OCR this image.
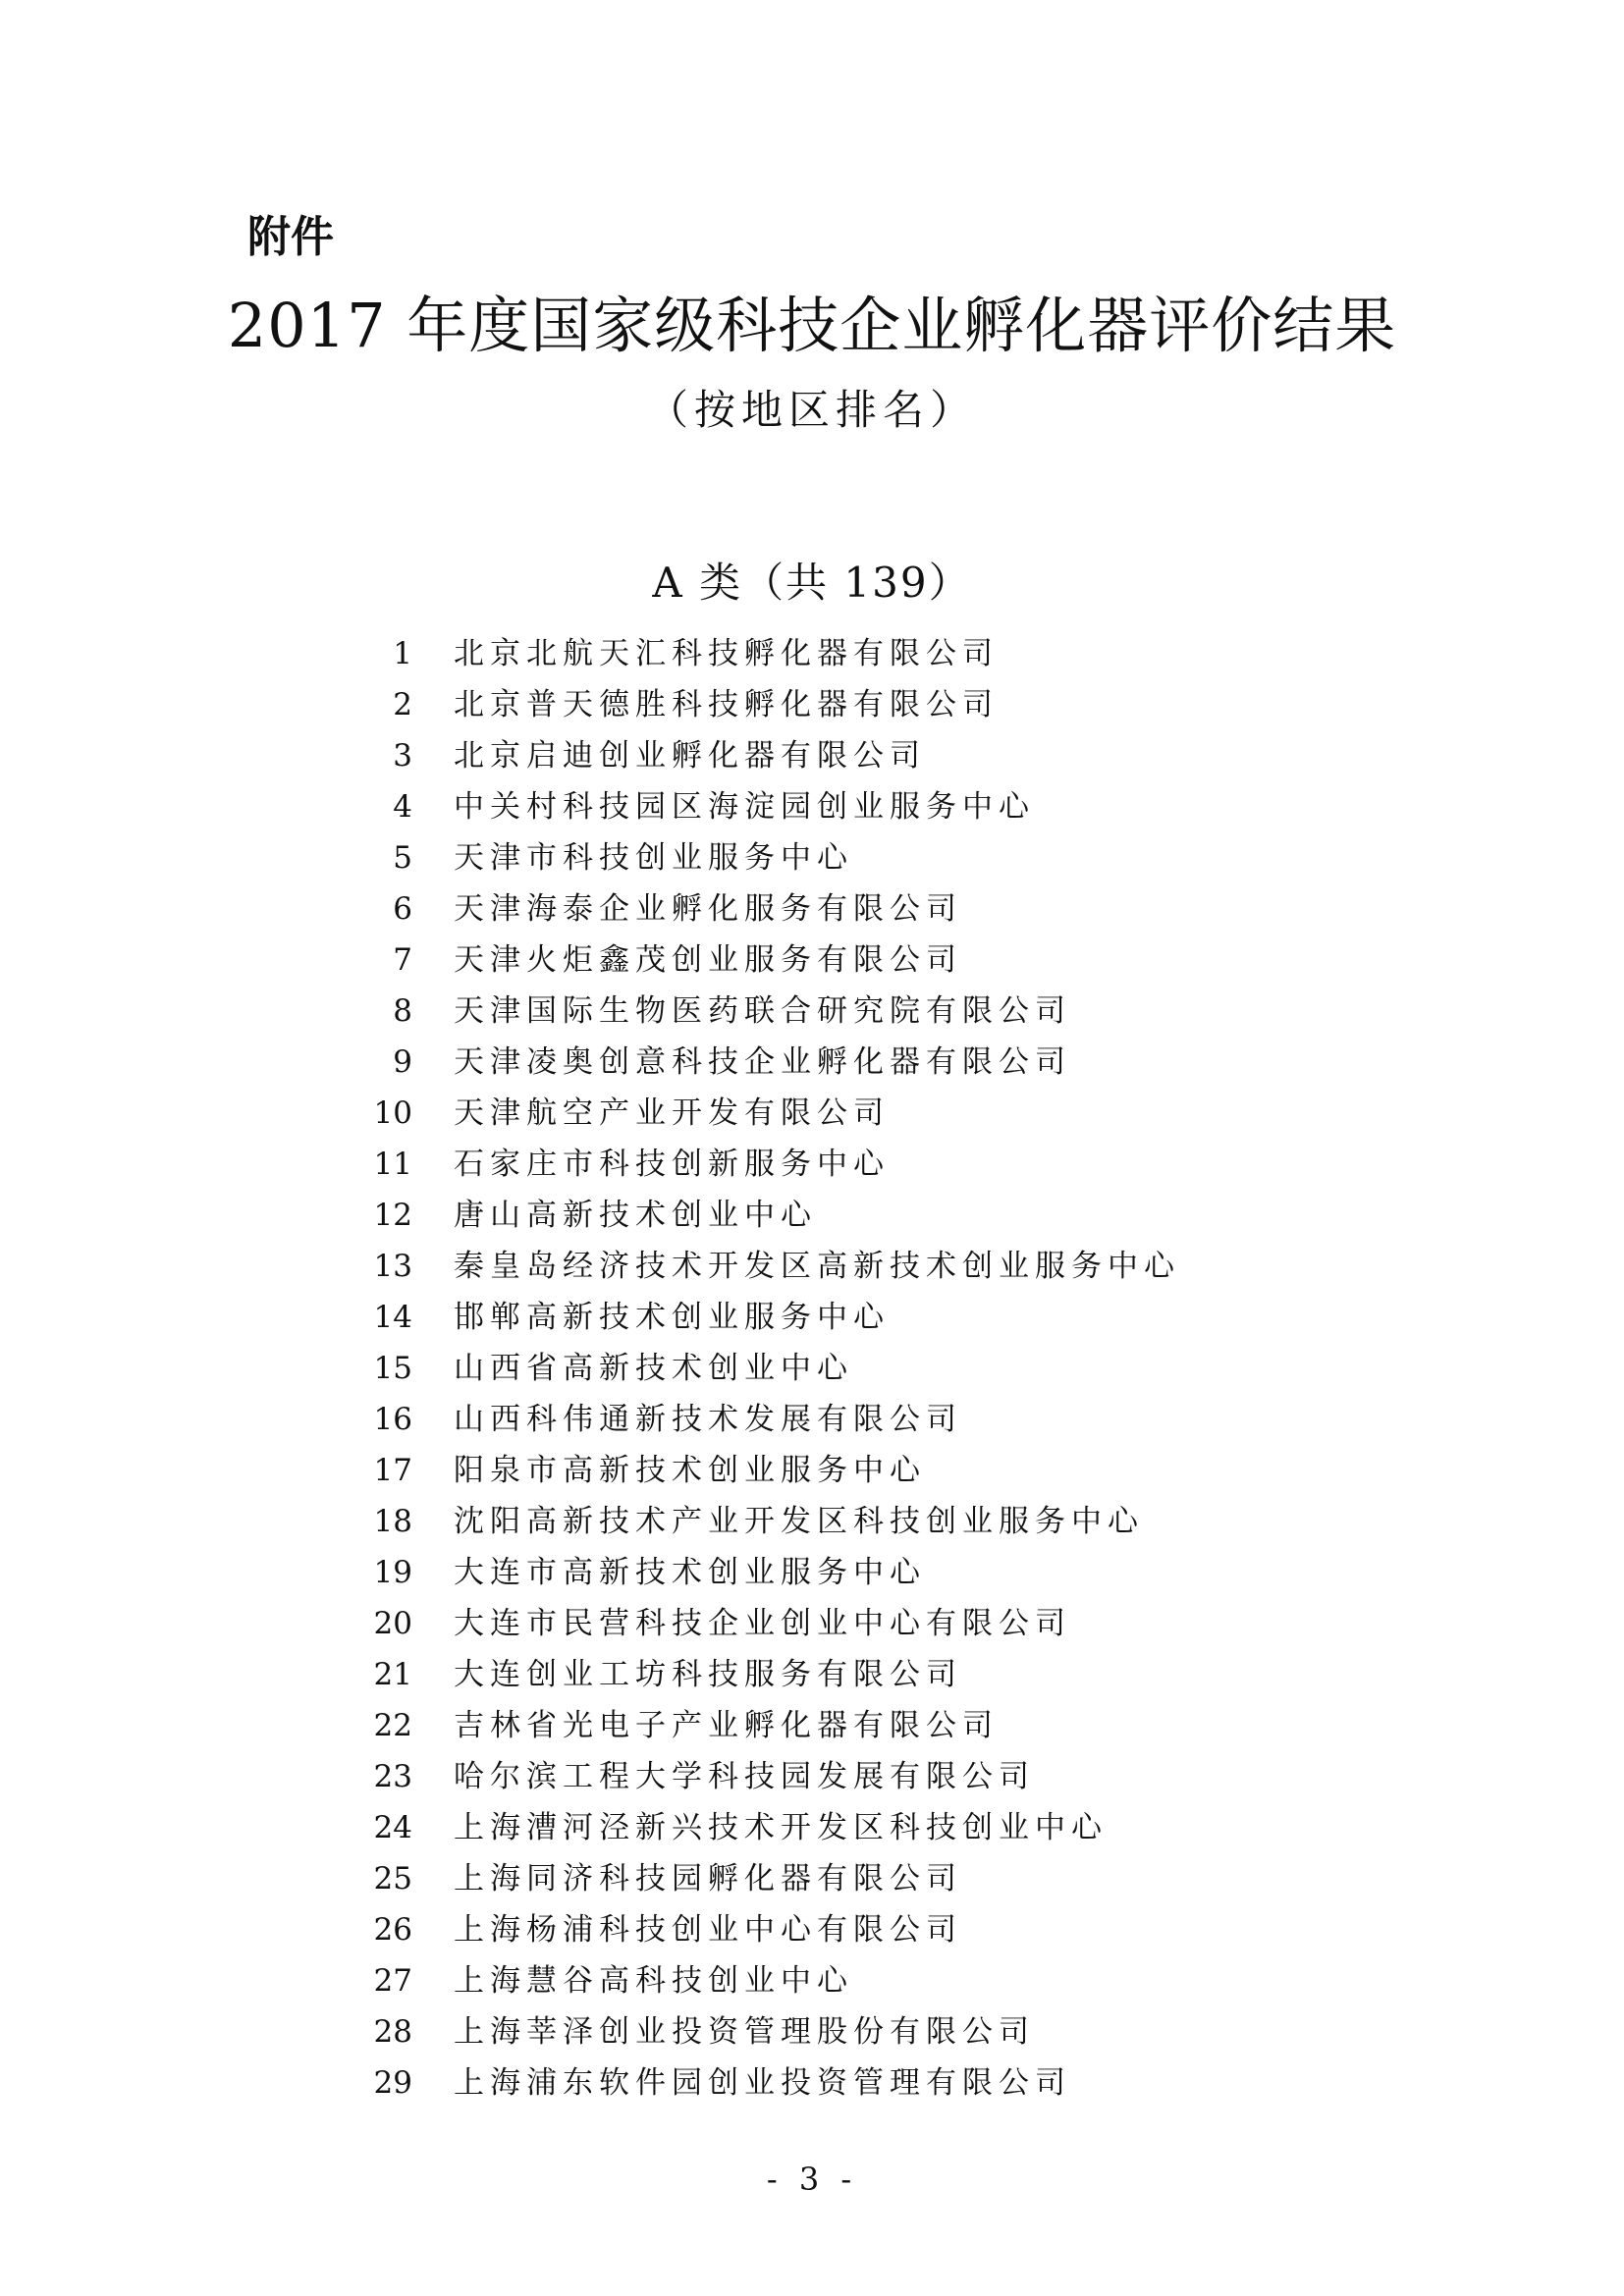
附件
2017 年度国家级科技企业孵化器评价结果
（按地区排名）
A 类（共 139）
1 北京北航天汇科技孵化器有限公司
2 北京普天德胜科技孵化器有限公司
3 北京启迪创业孵化器有限公司
4 中关村科技园区海淀园创业服务中心
5 天津市科技创业服务中心
6 天津海泰企业孵化服务有限公司
7 天津火炬鑫茂创业服务有限公司
8 天津国际生物医药联合研究院有限公司
9 天津凌奥创意科技企业孵化器有限公司
10 天津航空产业开发有限公司
11 石家庄市科技创新服务中心
12 唐山高新技术创业中心
13 秦皇岛经济技术开发区高新技术创业服务中心
14 邯郸高新技术创业服务中心
15 山西省高新技术创业中心
16 山西科伟通新技术发展有限公司
17 阳泉市高新技术创业服务中心
18 沈阳高新技术产业开发区科技创业服务中心
19 大连市高新技术创业服务中心
20 大连市民营科技企业创业中心有限公司
21 大连创业工坊科技服务有限公司
22 吉林省光电子产业孵化器有限公司
23 哈尔滨工程大学科技园发展有限公司
24 上海漕河泾新兴技术开发区科技创业中心
25 上海同济科技园孵化器有限公司
26 上海杨浦科技创业中心有限公司
27 上海慧谷高科技创业中心
28 上海莘泽创业投资管理股份有限公司
29 上海浦东软件园创业投资管理有限公司
- 3 -
